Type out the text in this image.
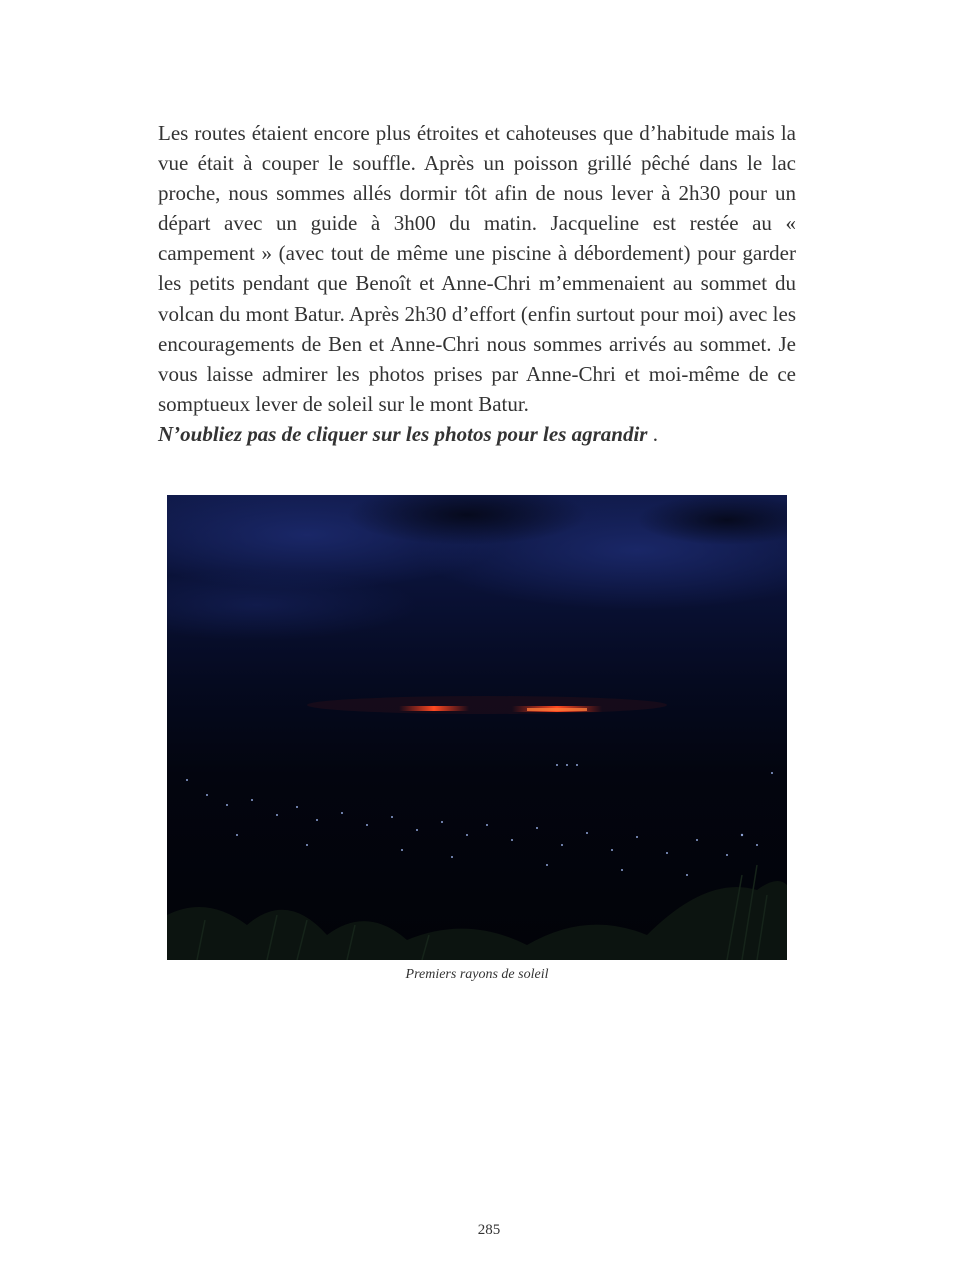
Les routes étaient encore plus étroites et cahoteuses que d’habitude mais la vue était à couper le souffle. Après un poisson grillé pêché dans le lac proche, nous sommes allés dormir tôt afin de nous lever à 2h30 pour un départ avec un guide à 3h00 du matin. Jacqueline est restée au « campement » (avec tout de même une piscine à débordement) pour garder les petits pendant que Benoît et Anne-Chri m’emmenaient au sommet du volcan du mont Batur. Après 2h30 d’effort (enfin surtout pour moi) avec les encouragements de Ben et Anne-Chri nous sommes arrivés au sommet. Je vous laisse admirer les photos prises par Anne-Chri et moi-même de ce somptueux lever de soleil sur le mont Batur.

N’oubliez pas de cliquer sur les photos pour les agrandir .

Premiers rayons de soleil
285
